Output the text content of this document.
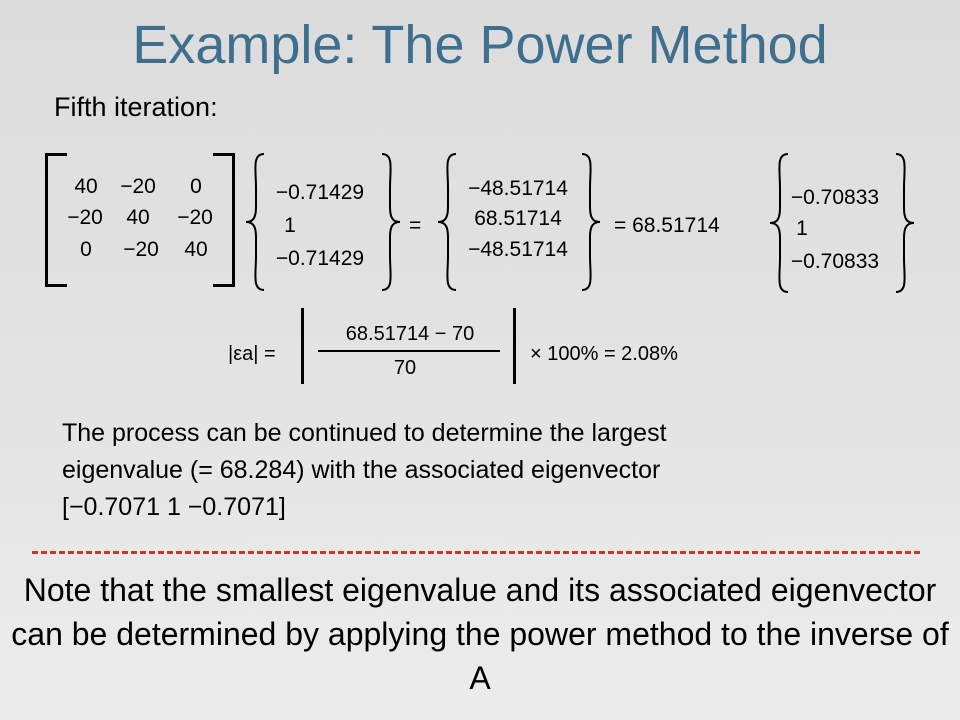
Example: The Power Method
Fifth iteration:
40	−20	0
−20	40	−20
0	−20	40
−0.71429
1
−0.71429
=
−48.51714
68.51714
−48.51714
= 68.51714
−0.70833
1
−0.70833
|εa| =
68.51714 − 70
70
× 100% = 2.08%
The process can be continued to determine the largest
eigenvalue (= 68.284) with the associated eigenvector
[−0.7071 1 −0.7071]
Note that the smallest eigenvalue and its associated eigenvector can be determined by applying the power method to the inverse of A
